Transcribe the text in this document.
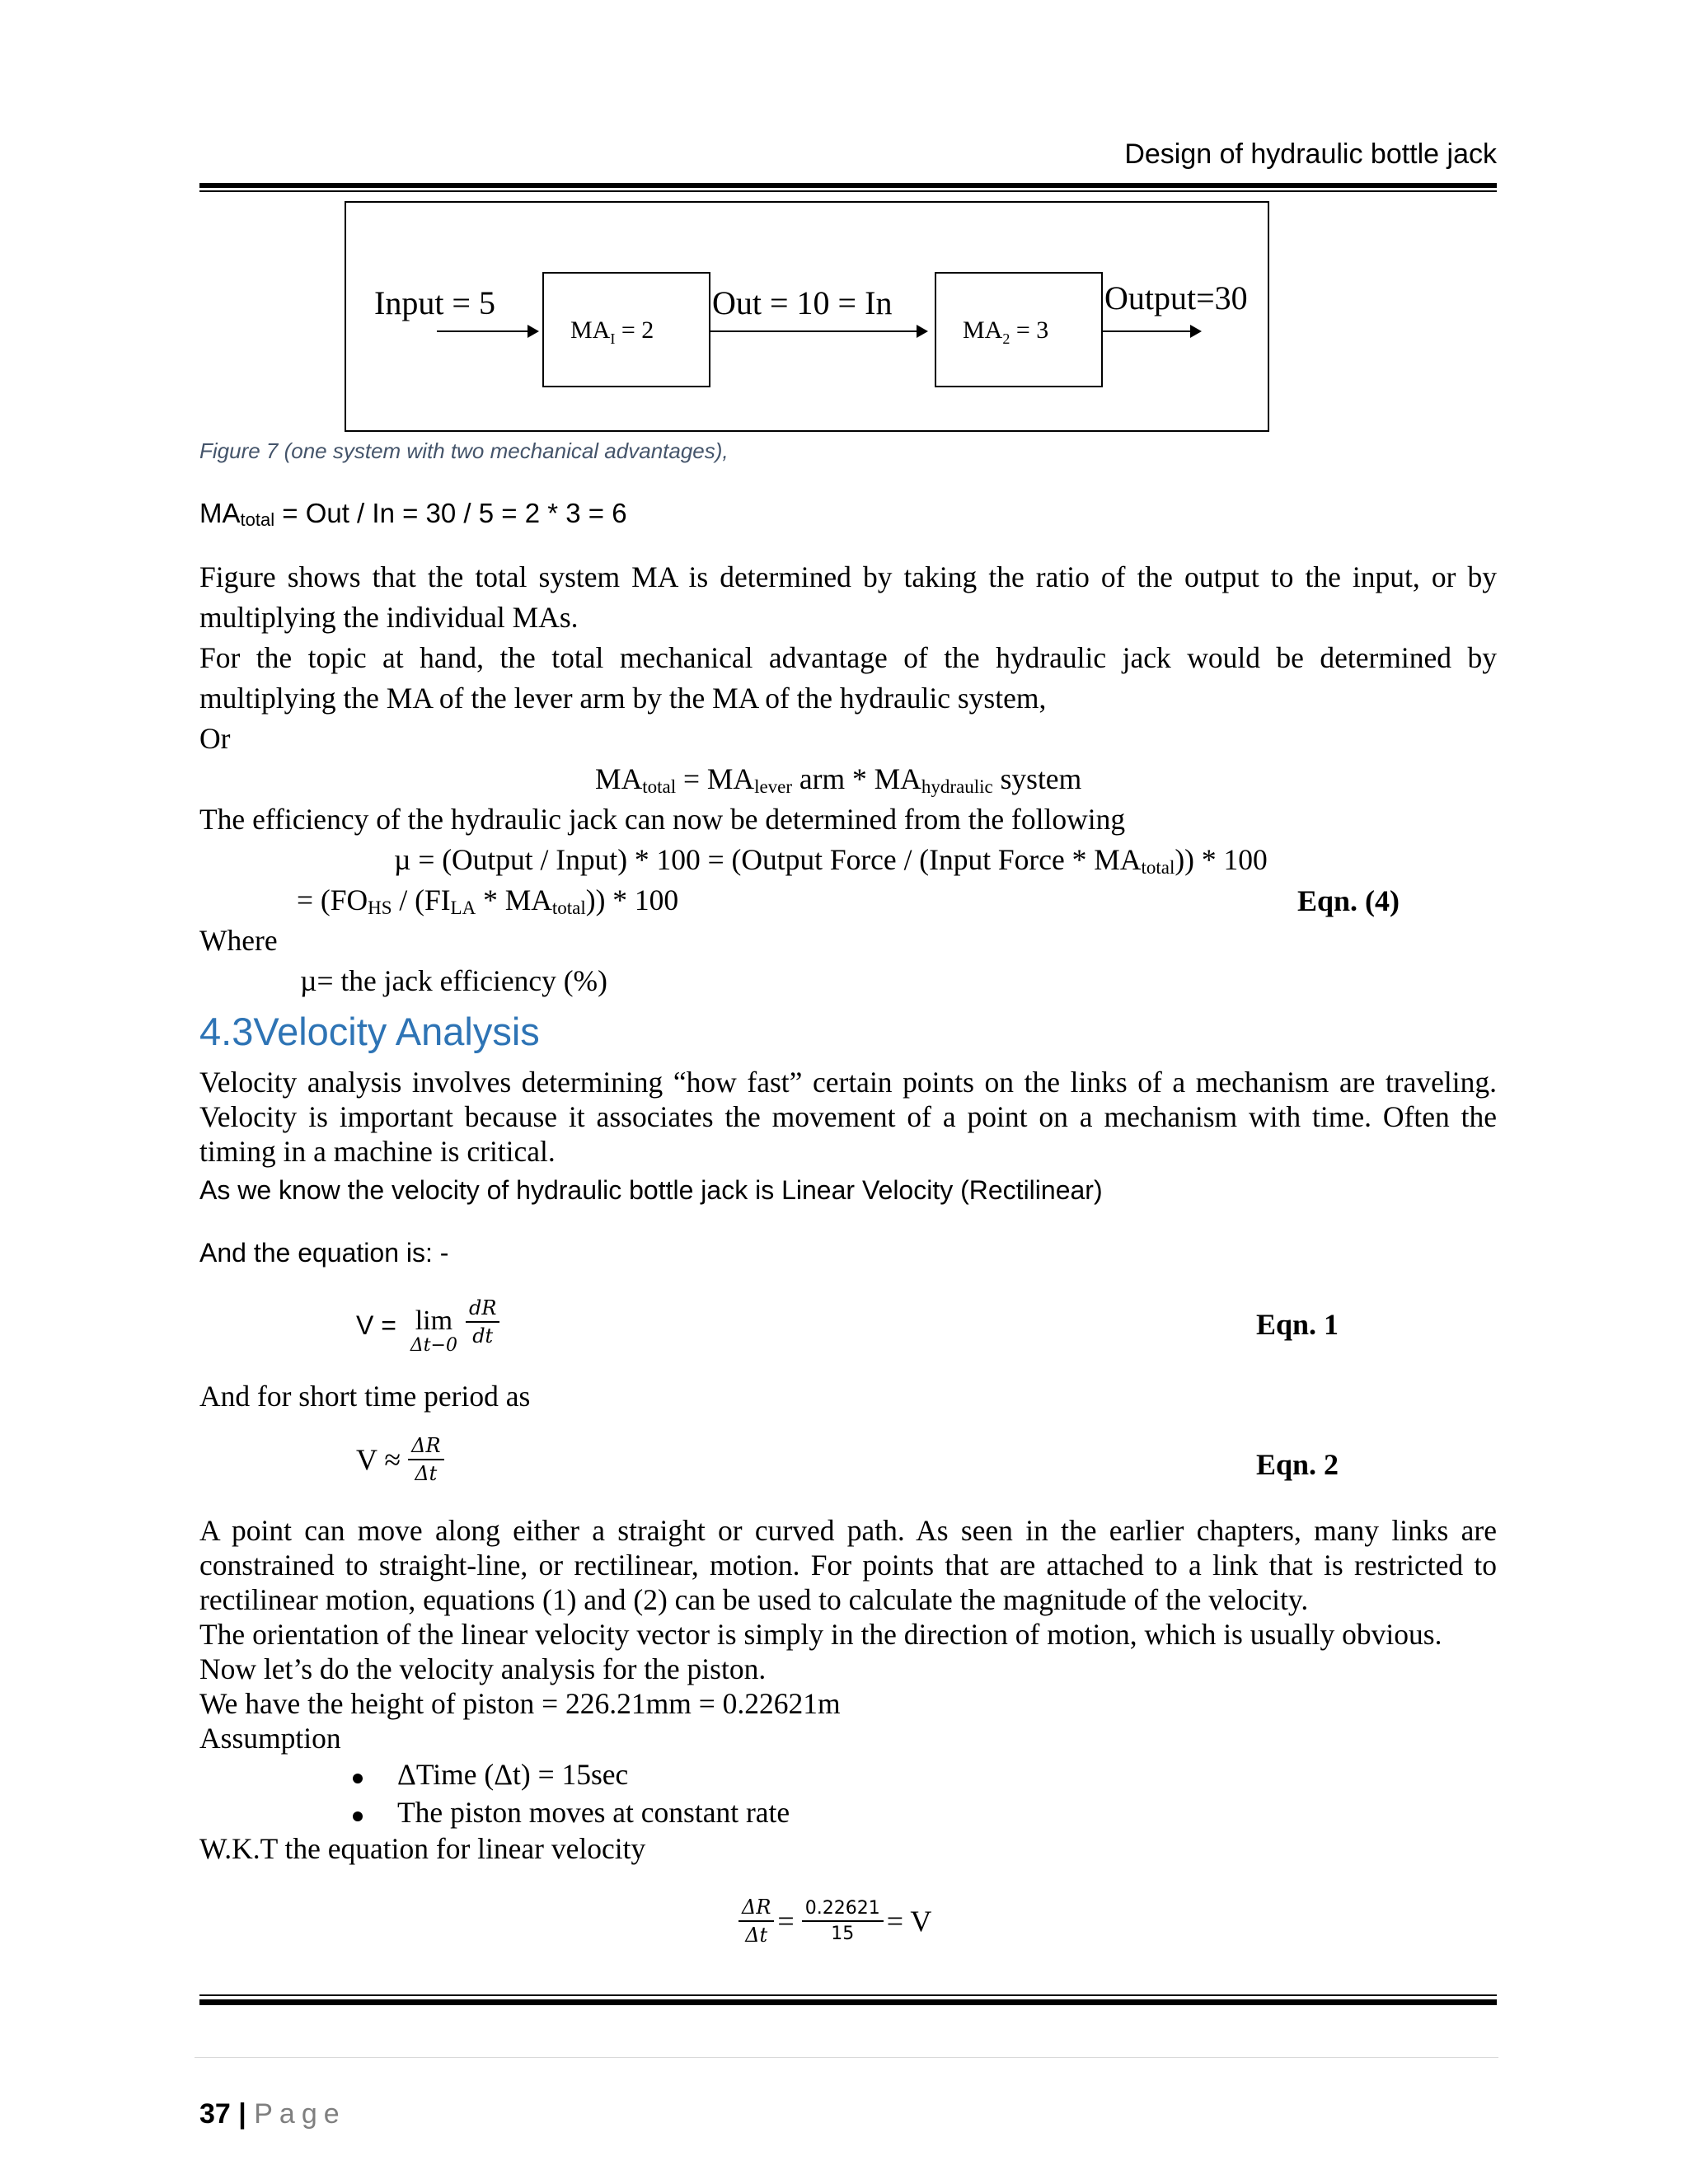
Design of hydraulic bottle jack
Input = 5
$MA_I = 2$
Out = 10 = In
$MA_2 = 3$
Output=30
Figure 7 (one system with two mechanical advantages),
$MA_{total}$ = Out / In = 30 / 5 = 2 * 3 = 6
Figure shows that the total system MA is determined by taking the ratio of the output to the input, or by multiplying the individual MAs.
For the topic at hand, the total mechanical advantage of the hydraulic jack would be determined by multiplying the MA of the lever arm by the MA of the hydraulic system,
Or
$MA_{total} = MA_{lever}$ arm * $MA_{hydraulic}$ system
The efficiency of the hydraulic jack can now be determined from the following
µ = (Output / Input) * 100 = (Output Force / (Input Force * $MA_{total})) * 100$
= $(FO_{HS} / (FI_{LA} * MA_{total})) * 100$	Eqn. (4)
Where
µ= the jack efficiency (%)
4.3Velocity Analysis
Velocity analysis involves determining “how fast” certain points on the links of a mechanism are traveling. Velocity is important because it associates the movement of a point on a mechanism with time. Often the timing in a machine is critical.
As we know the velocity of hydraulic bottle jack is Linear Velocity (Rectilinear)
And the equation is: -
V = lim
Δt−0
$\frac{dR}{dt}$	Eqn. 1
And for short time period as
$V \approx \frac{\Delta R}{\Delta t}$	Eqn. 2
A point can move along either a straight or curved path. As seen in the earlier chapters, many links are constrained to straight-line, or rectilinear, motion. For points that are attached to a link that is restricted to rectilinear motion, equations (1) and (2) can be used to calculate the magnitude of the velocity.
The orientation of the linear velocity vector is simply in the direction of motion, which is usually obvious.
Now let’s do the velocity analysis for the piston.
We have the height of piston = 226.21mm = 0.22621m
Assumption
ΔTime (Δt) = 15sec
The piston moves at constant rate
W.K.T the equation for linear velocity
$\frac{\Delta R}{\Delta t} = \frac{0.22621}{15} = V$
37 | Page
